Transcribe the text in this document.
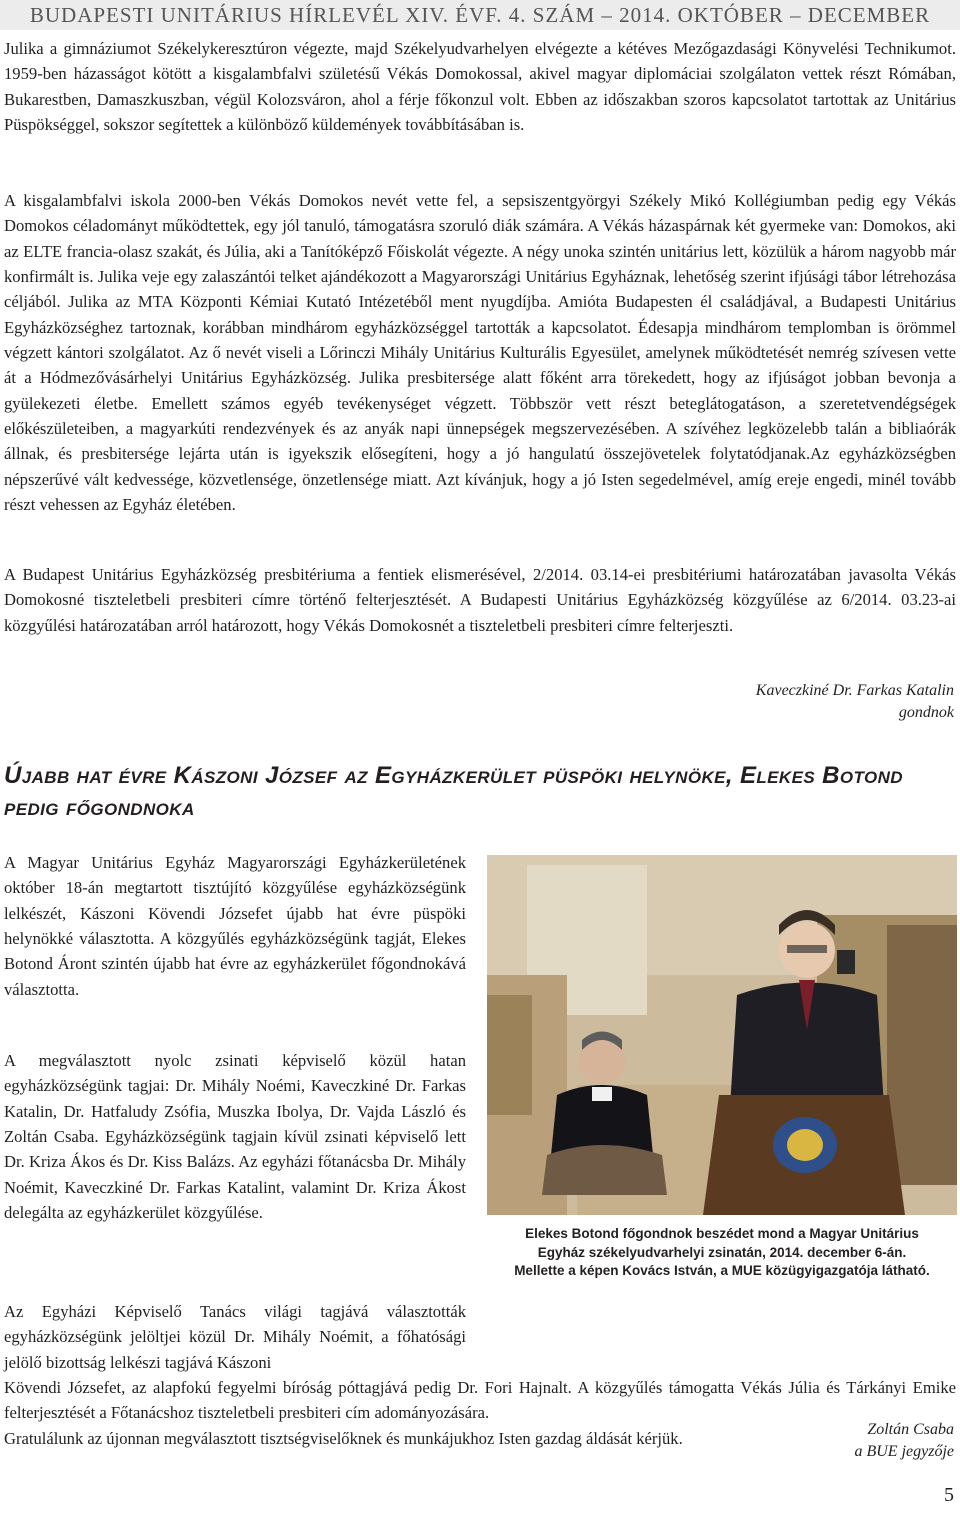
BUDAPESTI UNITÁRIUS HÍRLEVÉL XIV. ÉVF. 4. SZÁM – 2014. OKTÓBER – DECEMBER

Julika a gimnáziumot Székelykeresztúron végezte, majd Székelyudvarhelyen elvégezte a kétéves Mezőgazdasági Könyvelési Technikumot. 1959-ben házasságot kötött a kisgalambfalvi születésű Vékás Domokossal, akivel magyar diplomáciai szolgálaton vettek részt Rómában, Bukarestben, Damaszkuszban, végül Kolozsváron, ahol a férje főkonzul volt. Ebben az időszakban szoros kapcsolatot tartottak az Unitárius Püspökséggel, sokszor segítettek a különböző küldemények továbbításában is.

A kisgalambfalvi iskola 2000-ben Vékás Domokos nevét vette fel, a sepsiszentgyörgyi Székely Mikó Kollégiumban pedig egy Vékás Domokos céladományt működtettek, egy jól tanuló, támogatásra szoruló diák számára. A Vékás házaspárnak két gyermeke van: Domokos, aki az ELTE francia-olasz szakát, és Júlia, aki a Tanítóképző Főiskolát végezte. A négy unoka szintén unitárius lett, közülük a három nagyobb már konfirmált is. Julika veje egy zalaszántói telket ajándékozott a Magyarországi Unitárius Egyháznak, lehetőség szerint ifjúsági tábor létrehozása céljából. Julika az MTA Központi Kémiai Kutató Intézetéből ment nyugdíjba. Amióta Budapesten él családjával, a Budapesti Unitárius Egyházközséghez tartoznak, korábban mindhárom egyházközséggel tartották a kapcsolatot. Édesapja mindhárom templomban is örömmel végzett kántori szolgálatot. Az ő nevét viseli a Lőrinczi Mihály Unitárius Kulturális Egyesület, amelynek működtetését nemrég szívesen vette át a Hódmezővásárhelyi Unitárius Egyházközség. Julika presbitersége alatt főként arra törekedett, hogy az ifjúságot jobban bevonja a gyülekezeti életbe. Emellett számos egyéb tevékenységet végzett. Többször vett részt beteglátogatáson, a szeretetvendégségek előkészületeiben, a magyarkúti rendezvények és az anyák napi ünnepségek megszervezésében. A szívéhez legközelebb talán a bibliaórák állnak, és presbitersége lejárta után is igyekszik elősegíteni, hogy a jó hangulatú összejövetelek folytatódjanak.Az egyházközségben népszerűvé vált kedvessége, közvetlensége, önzetlensége miatt. Azt kívánjuk, hogy a jó Isten segedelmével, amíg ereje engedi, minél tovább részt vehessen az Egyház életében.

A Budapest Unitárius Egyházközség presbitériuma a fentiek elismerésével, 2/2014. 03.14-ei presbitériumi határozatában javasolta Vékás Domokosné tiszteletbeli presbiteri címre történő felterjesztését. A Budapesti Unitárius Egyházközség közgyűlése az 6/2014. 03.23-ai közgyűlési határozatában arról határozott, hogy Vékás Domokosnét a tiszteletbeli presbiteri címre felterjeszti.

Kaveczkiné Dr. Farkas Katalin
gondnok
Újabb hat évre Kászoni József az Egyházkerület püspöki helynöke, Elekes Botond pedig főgondnoka

A Magyar Unitárius Egyház Magyarországi Egyházkerületének október 18-án megtartott tisztújító közgyűlése egyházközségünk lelkészét, Kászoni Kövendi Józsefet újabb hat évre püspöki helynökké választotta. A közgyűlés egyházközségünk tagját, Elekes Botond Áront szintén újabb hat évre az egyházkerület főgondnokává választotta.

A megválasztott nyolc zsinati képviselő közül hatan egyházközségünk tagjai: Dr. Mihály Noémi, Kaveczkiné Dr. Farkas Katalin, Dr. Hatfaludy Zsófia, Muszka Ibolya, Dr. Vajda László és Zoltán Csaba. Egyházközségünk tagjain kívül zsinati képviselő lett Dr. Kriza Ákos és Dr. Kiss Balázs. Az egyházi főtanácsba Dr. Mihály Noémit, Kaveczkiné Dr. Farkas Katalint, valamint Dr. Kriza Ákost delegálta az egyházkerület közgyűlése.

Elekes Botond főgondnok beszédet mond a Magyar Unitárius
Egyház székelyudvarhelyi zsinatán, 2014. december 6-án.
Mellette a képen Kovács István, a MUE közügyigazgatója látható.

Az Egyházi Képviselő Tanács világi tagjává választották egyházközségünk jelöltjei közül Dr. Mihály Noémit, a főhatósági jelölő bizottság lelkészi tagjává Kászoni
Kövendi Józsefet, az alapfokú fegyelmi bíróság póttagjává pedig Dr. Fori Hajnalt. A közgyűlés támogatta Vékás Júlia és Tárkányi Emike felterjesztését a Főtanácshoz tiszteletbeli presbiteri cím adományozására.
Gratulálunk az újonnan megválasztott tisztségviselőknek és munkájukhoz Isten gazdag áldását kérjük.	Zoltán Csaba
a BUE jegyzője

5
